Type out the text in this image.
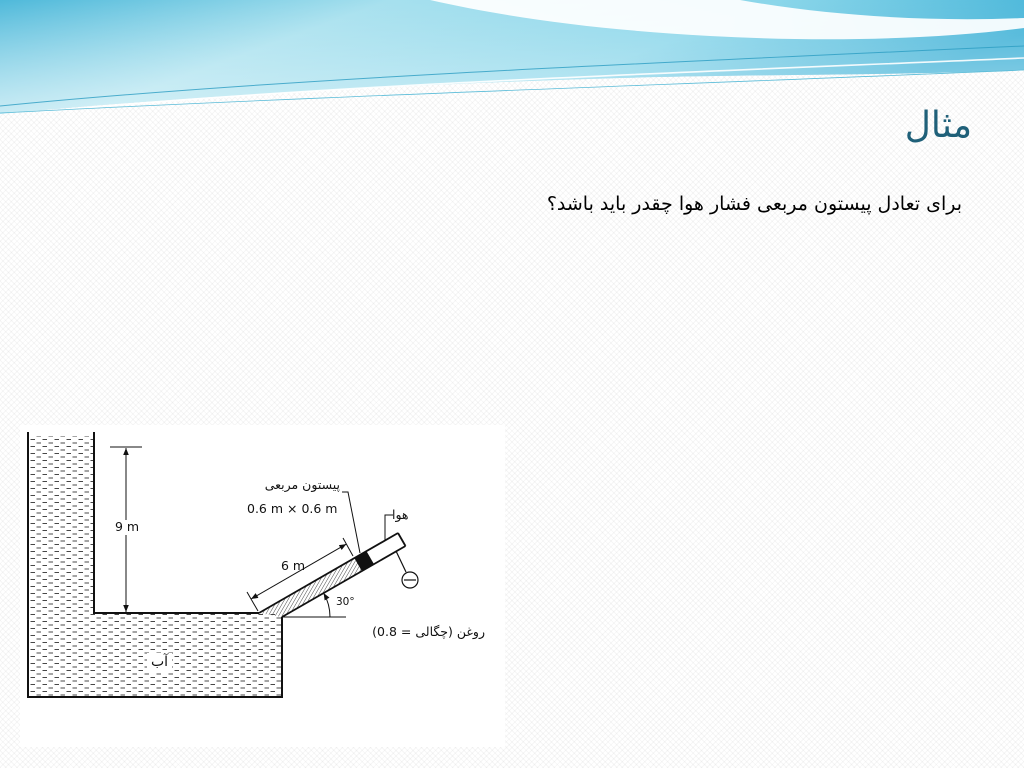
مثال
برای تعادل پیستون مربعی فشار هوا چقدر باید باشد؟
9 m
6 m
30°
پیستون مربعی
0.6 m × 0.6 m	هوا
روغن (چگالی = 0.8)
آب
